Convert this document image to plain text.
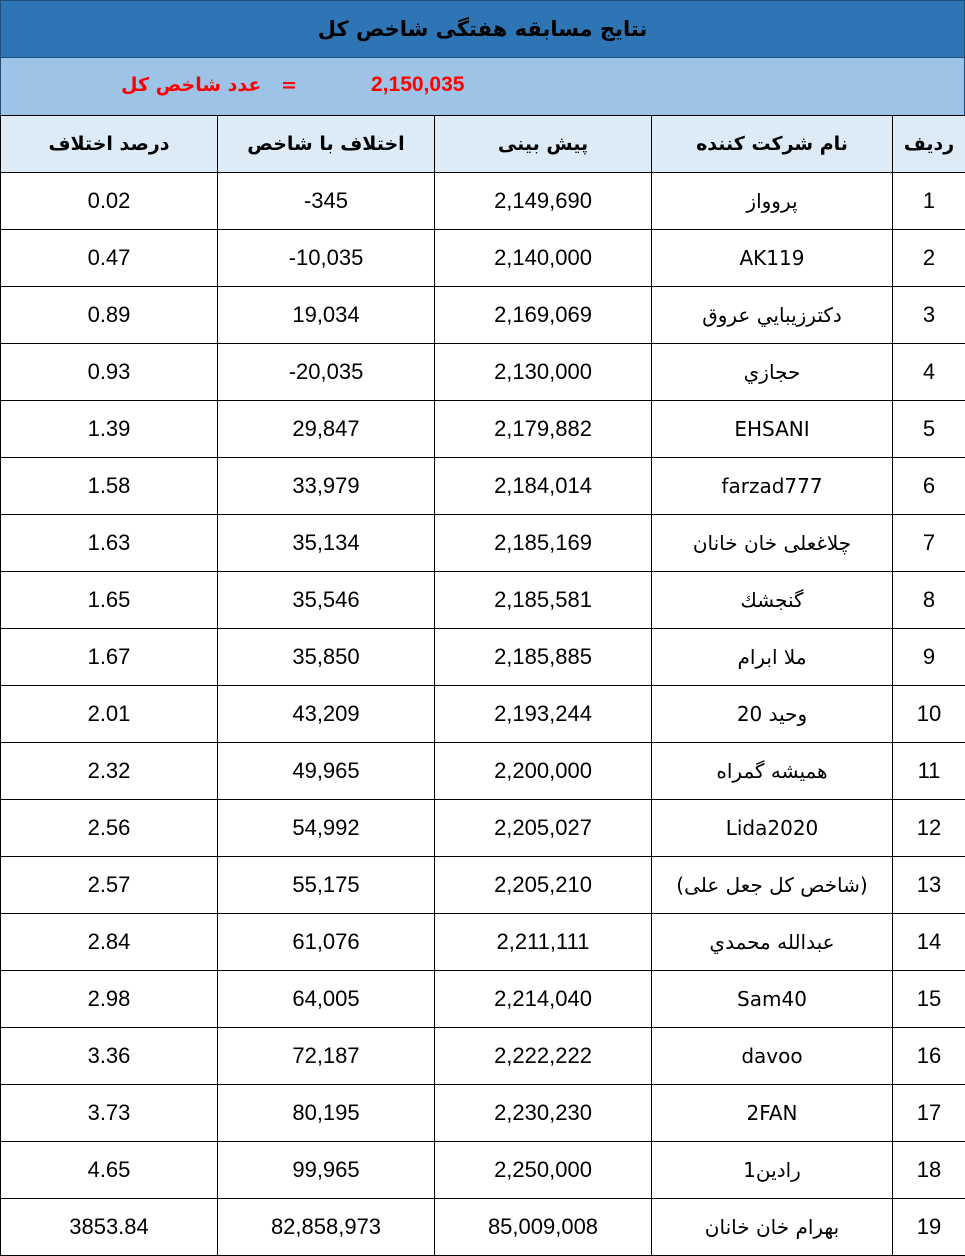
نتایج مسابقه هفتگی شاخص کل
عدد شاخص کل =	2,150,035
درصد اختلاف	اختلاف با شاخص	پیش بینی	نام شرکت کننده	ردیف
0.02	-345	2,149,690	پروواز	1
0.47	-10,035	2,140,000	AK119	2
0.89	19,034	2,169,069	دکترزيبايي عروق	3
0.93	-20,035	2,130,000	حجازي	4
1.39	29,847	2,179,882	EHSANI	5
1.58	33,979	2,184,014	farzad777	6
1.63	35,134	2,185,169	چلاغعلی خان خانان	7
1.65	35,546	2,185,581	گنجشك	8
1.67	35,850	2,185,885	ملا ابرام	9
2.01	43,209	2,193,244	وحید 20	10
2.32	49,965	2,200,000	همیشه گمراه	11
2.56	54,992	2,205,027	Lida2020	12
2.57	55,175	2,205,210	(شاخص کل جعل علی)	13
2.84	61,076	2,211,111	عبدالله محمدي	14
2.98	64,005	2,214,040	Sam40	15
3.36	72,187	2,222,222	davoo	16
3.73	80,195	2,230,230	2FAN	17
4.65	99,965	2,250,000	رادین1	18
3853.84	82,858,973	85,009,008	بهرام خان خانان	19
